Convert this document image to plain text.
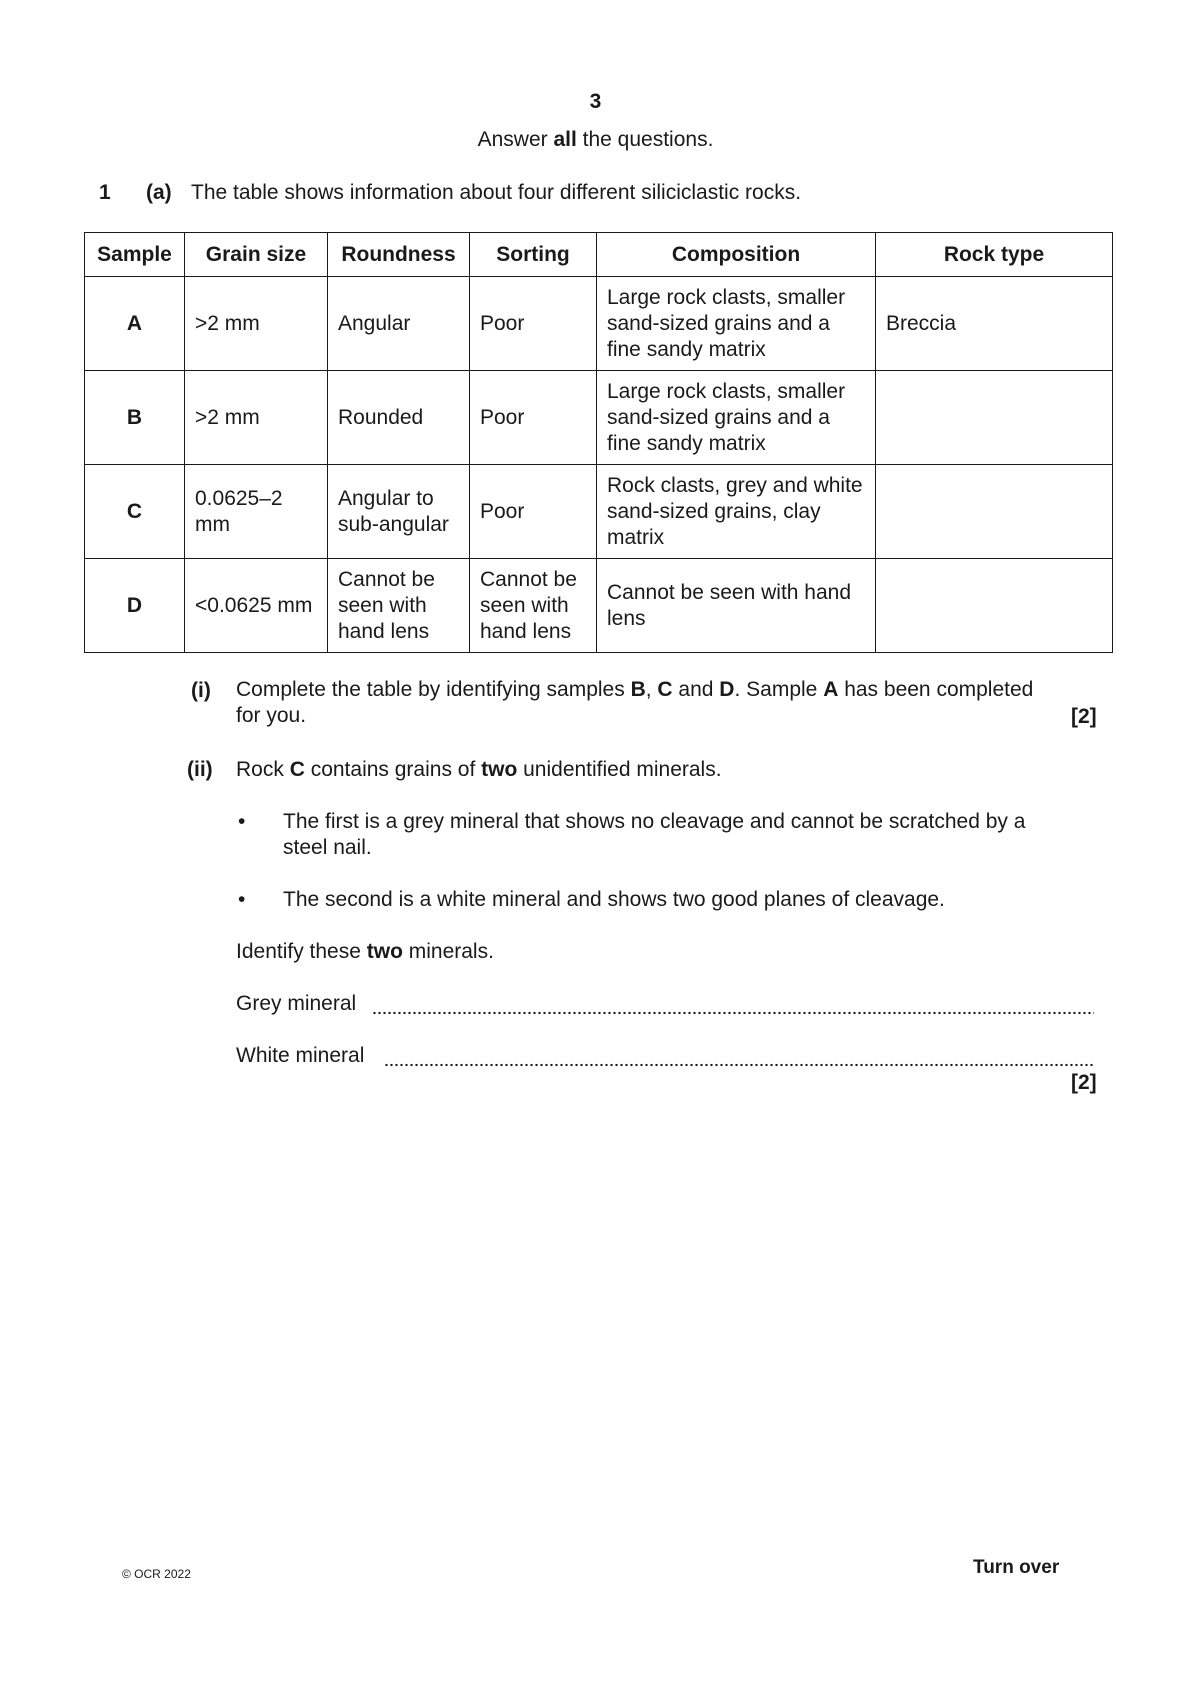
3
Answer all the questions.
1 (a) The table shows information about four different siliciclastic rocks.
Sample	Grain size	Roundness	Sorting	Composition	Rock type
A	>2 mm	Angular	Poor	Large rock clasts, smaller sand-sized grains and a fine sandy matrix	Breccia
B	>2 mm	Rounded	Poor	Large rock clasts, smaller sand-sized grains and a fine sandy matrix	
C	0.0625–2 mm	Angular to sub-angular	Poor	Rock clasts, grey and white sand-sized grains, clay matrix	
D	<0.0625 mm	Cannot be seen with hand lens	Cannot be seen with hand lens	Cannot be seen with hand lens	
(i) Complete the table by identifying samples B, C and D. Sample A has been completed
for you.	[2]
(ii) Rock C contains grains of two unidentified minerals.
• The first is a grey mineral that shows no cleavage and cannot be scratched by a
steel nail.
• The second is a white mineral and shows two good planes of cleavage.
Identify these two minerals.
Grey mineral
White mineral
[2]
© OCR 2022	Turn over
